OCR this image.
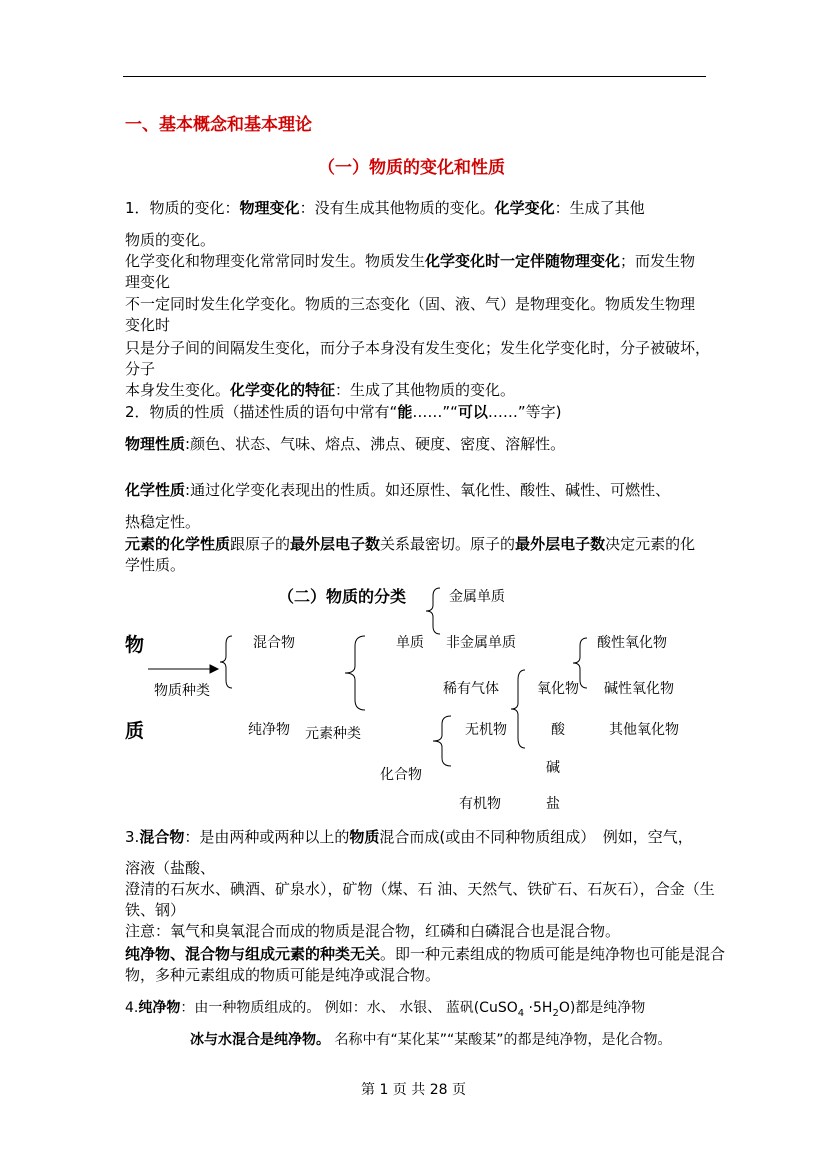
一、基本概念和基本理论
（一）物质的变化和性质
1．物质的变化：物理变化：没有生成其他物质的变化。化学变化：生成了其他
物质的变化。
化学变化和物理变化常常同时发生。物质发生化学变化时一定伴随物理变化；而发生物
理变化
不一定同时发生化学变化。物质的三态变化（固、液、气）是物理变化。物质发生物理
变化时
只是分子间的间隔发生变化，而分子本身没有发生变化；发生化学变化时，分子被破坏，
分子
本身发生变化。化学变化的特征：生成了其他物质的变化。
2．物质的性质（描述性质的语句中常有“能……”“可以……”等字)
物理性质:颜色、状态、气味、熔点、沸点、硬度、密度、溶解性。
化学性质:通过化学变化表现出的性质。如还原性、氧化性、酸性、碱性、可燃性、
热稳定性。
元素的化学性质跟原子的最外层电子数关系最密切。原子的最外层电子数决定元素的化
学性质。
（二）物质的分类
物
质
物质种类
混合物
纯净物 元素种类
单质
金属单质
非金属单质
稀有气体
化合物
无机物
有机物
氧化物
酸
碱
盐
酸性氧化物
碱性氧化物
其他氧化物
3.混合物：是由两种或两种以上的物质混合而成(或由不同种物质组成）　例如，空气，
溶液（盐酸、
澄清的石灰水、碘酒、矿泉水），矿物（煤、石 油、天然气、铁矿石、石灰石），合金（生
铁、钢）
注意：氧气和臭氧混合而成的物质是混合物，红磷和白磷混合也是混合物。
纯净物、混合物与组成元素的种类无关。即一种元素组成的物质可能是纯净物也可能是混合
物，多种元素组成的物质可能是纯净或混合物。
4.纯净物：由一种物质组成的。 例如：水、 水银、 蓝矾(CuSO$_4$ $\cdot 5H_2O$)都是纯净物
冰与水混合是纯净物。 名称中有“某化某”“某酸某”的都是纯净物，是化合物。
第 1 页 共 28 页
